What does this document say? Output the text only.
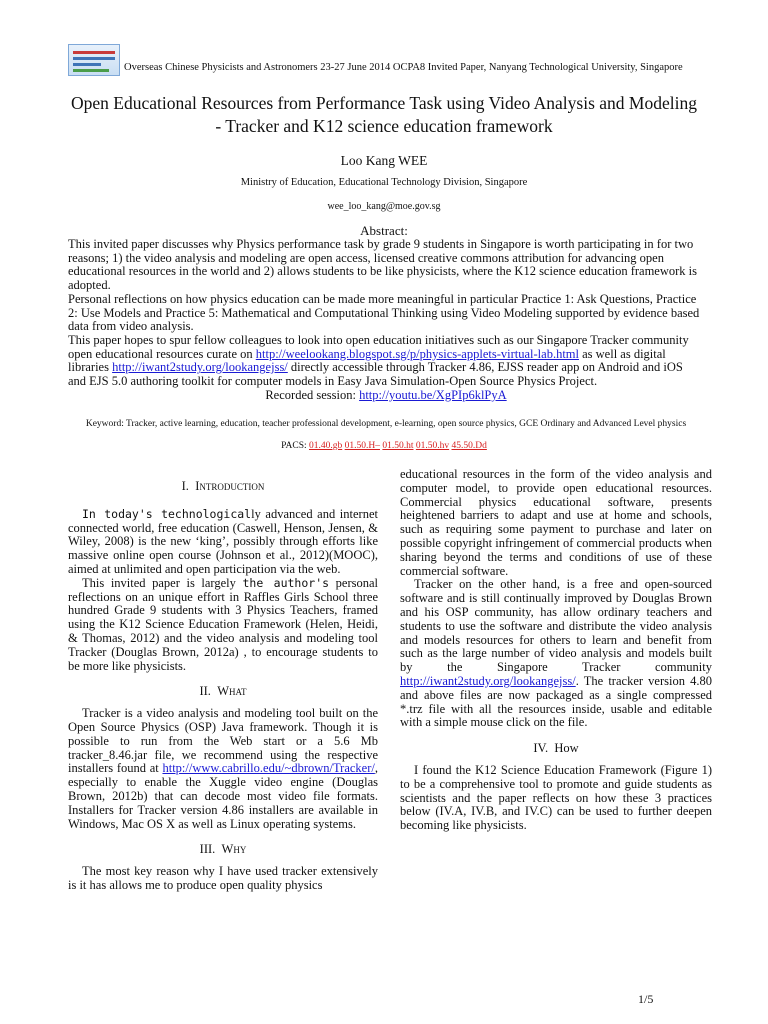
Overseas Chinese Physicists and Astronomers 23-27 June 2014 OCPA8 Invited Paper, Nanyang Technological University, Singapore
Open Educational Resources from Performance Task using Video Analysis and Modeling
- Tracker and K12 science education framework
Loo Kang WEE
Ministry of Education, Educational Technology Division, Singapore
wee_loo_kang@moe.gov.sg
Abstract:

This invited paper discusses why Physics performance task by grade 9 students in Singapore is worth participating in for two reasons; 1) the video analysis and modeling are open access, licensed creative commons attribution for advancing open educational resources in the world and 2) allows students to be like physicists, where the K12 science education framework is adopted.

Personal reflections on how physics education can be made more meaningful in particular Practice 1: Ask Questions, Practice 2: Use Models and Practice 5: Mathematical and Computational Thinking using Video Modeling supported by evidence based data from video analysis.

This paper hopes to spur fellow colleagues to look into open education initiatives such as our Singapore Tracker community open educational resources curate on http://weelookang.blogspot.sg/p/physics-applets-virtual-lab.html as well as digital libraries http://iwant2study.org/lookangejss/ directly accessible through Tracker 4.86, EJSS reader app on Android and iOS and EJS 5.0 authoring toolkit for computer models in Easy Java Simulation-Open Source Physics Project.

Recorded session: http://youtu.be/XgPIp6klPyA

Keyword: Tracker, active learning, education, teacher professional development, e-learning, open source physics, GCE Ordinary and Advanced Level physics
PACS: 01.40.gb 01.50.H– 01.50.ht 01.50.hv 45.50.Dd

I. Introduction

In today's technologically advanced and internet connected world, free education (Caswell, Henson, Jensen, & Wiley, 2008) is the new ‘king’, possibly through efforts like massive online open course (Johnson et al., 2012)(MOOC), aimed at unlimited and open participation via the web.

This invited paper is largely the author's personal reflections on an unique effort in Raffles Girls School three hundred Grade 9 students with 3 Physics Teachers, framed using the K12 Science Education Framework (Helen, Heidi, & Thomas, 2012) and the video analysis and modeling tool Tracker (Douglas Brown, 2012a) , to encourage students to be more like physicists.

II. What

Tracker is a video analysis and modeling tool built on the Open Source Physics (OSP) Java framework. Though it is possible to run from the Web start or a 5.6 Mb tracker_8.46.jar file, we recommend using the respective installers found at http://www.cabrillo.edu/~dbrown/Tracker/, especially to enable the Xuggle video engine (Douglas Brown, 2012b) that can decode most video file formats. Installers for Tracker version 4.86 installers are available in Windows, Mac OS X as well as Linux operating systems.

III. Why

The most key reason why I have used tracker extensively is it has allows me to produce open quality physics

educational resources in the form of the video analysis and computer model, to provide open educational resources. Commercial physics educational software, presents heightened barriers to adapt and use at home and schools, such as requiring some payment to purchase and later on possible copyright infringement of commercial products when sharing beyond the terms and conditions of use of these commercial software.

Tracker on the other hand, is a free and open-sourced software and is still continually improved by Douglas Brown and his OSP community, has allow ordinary teachers and students to use the software and distribute the video analysis and models resources for others to learn and benefit from such as the large number of video analysis and models built by the Singapore Tracker community http://iwant2study.org/lookangejss/. The tracker version 4.80 and above files are now packaged as a single compressed *.trz file with all the resources inside, usable and editable with a simple mouse click on the file.

IV. How

I found the K12 Science Education Framework (Figure 1) to be a comprehensive tool to promote and guide students as scientists and the paper reflects on how these 3 practices below (IV.A, IV.B, and IV.C) can be used to further deepen becoming like physicists.

1/5
